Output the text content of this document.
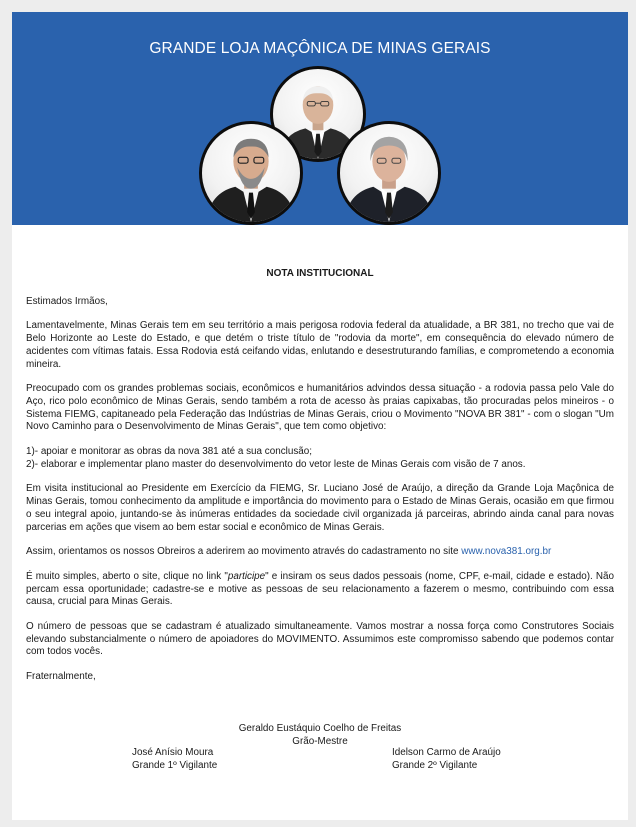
GRANDE LOJA MAÇÔNICA DE MINAS GERAIS
NOTA INSTITUCIONAL

Estimados Irmãos,

Lamentavelmente, Minas Gerais tem em seu território a mais perigosa rodovia federal da atualidade, a BR 381, no trecho que vai de Belo Horizonte ao Leste do Estado, e que detém o triste título de "rodovia da morte", em consequência do elevado número de acidentes com vítimas fatais. Essa Rodovia está ceifando vidas, enlutando e desestruturando famílias, e comprometendo a economia mineira.

Preocupado com os grandes problemas sociais, econômicos e humanitários advindos dessa situação - a rodovia passa pelo Vale do Aço, rico polo econômico de Minas Gerais, sendo também a rota de acesso às praias capixabas, tão procuradas pelos mineiros - o Sistema FIEMG, capitaneado pela Federação das Indústrias de Minas Gerais, criou o Movimento "NOVA BR 381" - com o slogan "Um Novo Caminho para o Desenvolvimento de Minas Gerais", que tem como objetivo:

1)- apoiar e monitorar as obras da nova 381 até a sua conclusão;

2)- elaborar e implementar plano master do desenvolvimento do vetor leste de Minas Gerais com visão de 7 anos.

Em visita institucional ao Presidente em Exercício da FIEMG, Sr. Luciano José de Araújo, a direção da Grande Loja Maçônica de Minas Gerais, tomou conhecimento da amplitude e importância do movimento para o Estado de Minas Gerais, ocasião em que firmou o seu integral apoio, juntando-se às inúmeras entidades da sociedade civil organizada já parceiras, abrindo ainda canal para novas parcerias em ações que visem ao bem estar social e econômico de Minas Gerais.

Assim, orientamos os nossos Obreiros a aderirem ao movimento através do cadastramento no site www.nova381.org.br

É muito simples, aberto o site, clique no link "participe" e insiram os seus dados pessoais (nome, CPF, e-mail, cidade e estado). Não percam essa oportunidade; cadastre-se e motive as pessoas de seu relacionamento a fazerem o mesmo, contribuindo com essa causa, crucial para Minas Gerais.

O número de pessoas que se cadastram é atualizado simultaneamente. Vamos mostrar a nossa força como Construtores Sociais elevando substancialmente o número de apoiadores do MOVIMENTO. Assumimos este compromisso sabendo que podemos contar com todos vocês.

Fraternalmente,

Geraldo Eustáquio Coelho de Freitas
Grão-Mestre
José Anísio Moura
Grande 1º Vigilante
Idelson Carmo de Araújo
Grande 2º Vigilante
